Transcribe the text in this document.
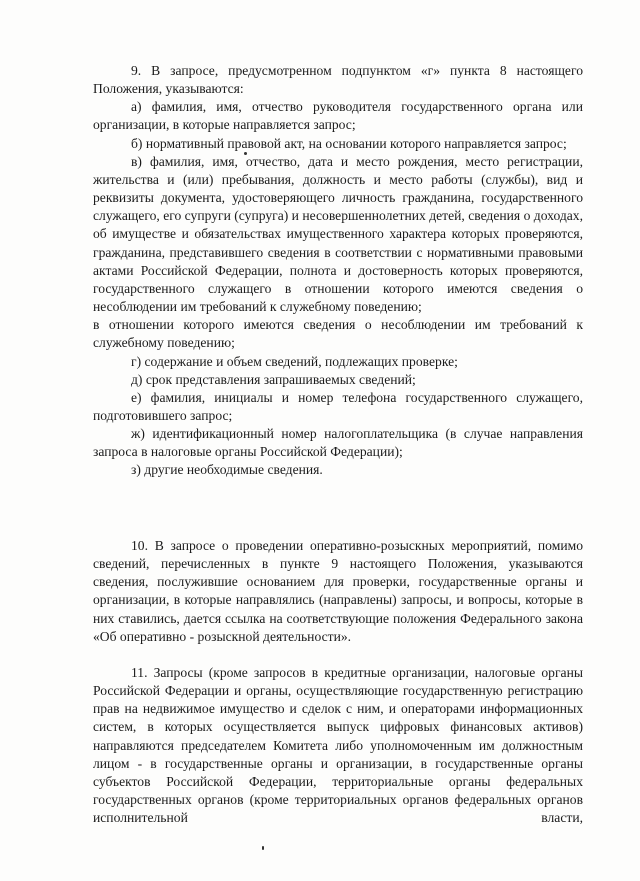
9. В запросе, предусмотренном подпунктом «г» пункта 8 настоящего Положения, указываются:

а) фамилия, имя, отчество руководителя государственного органа или организации, в которые направляется запрос;

б) нормативный правовой акт, на основании которого направляется запрос;

в) фамилия, имя, отчество, дата и место рождения, место регистрации, жительства и (или) пребывания, должность и место работы (службы), вид и реквизиты документа, удостоверяющего личность гражданина, государственного служащего, его супруги (супруга) и несовершеннолетних детей, сведения о доходах, об имуществе и обязательствах имущественного характера которых проверяются, гражданина, представившего сведения в соответствии с нормативными правовыми актами Российской Федерации, полнота и достоверность которых проверяются, государственного служащего в отношении которого имеются сведения о несоблюдении им требований к служебному поведению;

в отношении которого имеются сведения о несоблюдении им требований к служебному поведению;

г) содержание и объем сведений, подлежащих проверке;

д) срок представления запрашиваемых сведений;

е) фамилия, инициалы и номер телефона государственного служащего, подготовившего запрос;

ж) идентификационный номер налогоплательщика (в случае направления запроса в налоговые органы Российской Федерации);

з) другие необходимые сведения.

10. В запросе о проведении оперативно-розыскных мероприятий, помимо сведений, перечисленных в пункте 9 настоящего Положения, указываются сведения, послужившие основанием для проверки, государственные органы и организации, в которые направлялись (направлены) запросы, и вопросы, которые в них ставились, дается ссылка на соответствующие положения Федерального закона «Об оперативно - розыскной деятельности».

11. Запросы (кроме запросов в кредитные организации, налоговые органы Российской Федерации и органы, осуществляющие государственную регистрацию прав на недвижимое имущество и сделок с ним, и операторами информационных систем, в которых осуществляется выпуск цифровых финансовых активов) направляются председателем Комитета либо уполномоченным им должностным лицом - в государственные органы и организации, в государственные органы субъектов Российской Федерации, территориальные органы федеральных государственных органов (кроме территориальных органов федеральных органов исполнительной власти,
